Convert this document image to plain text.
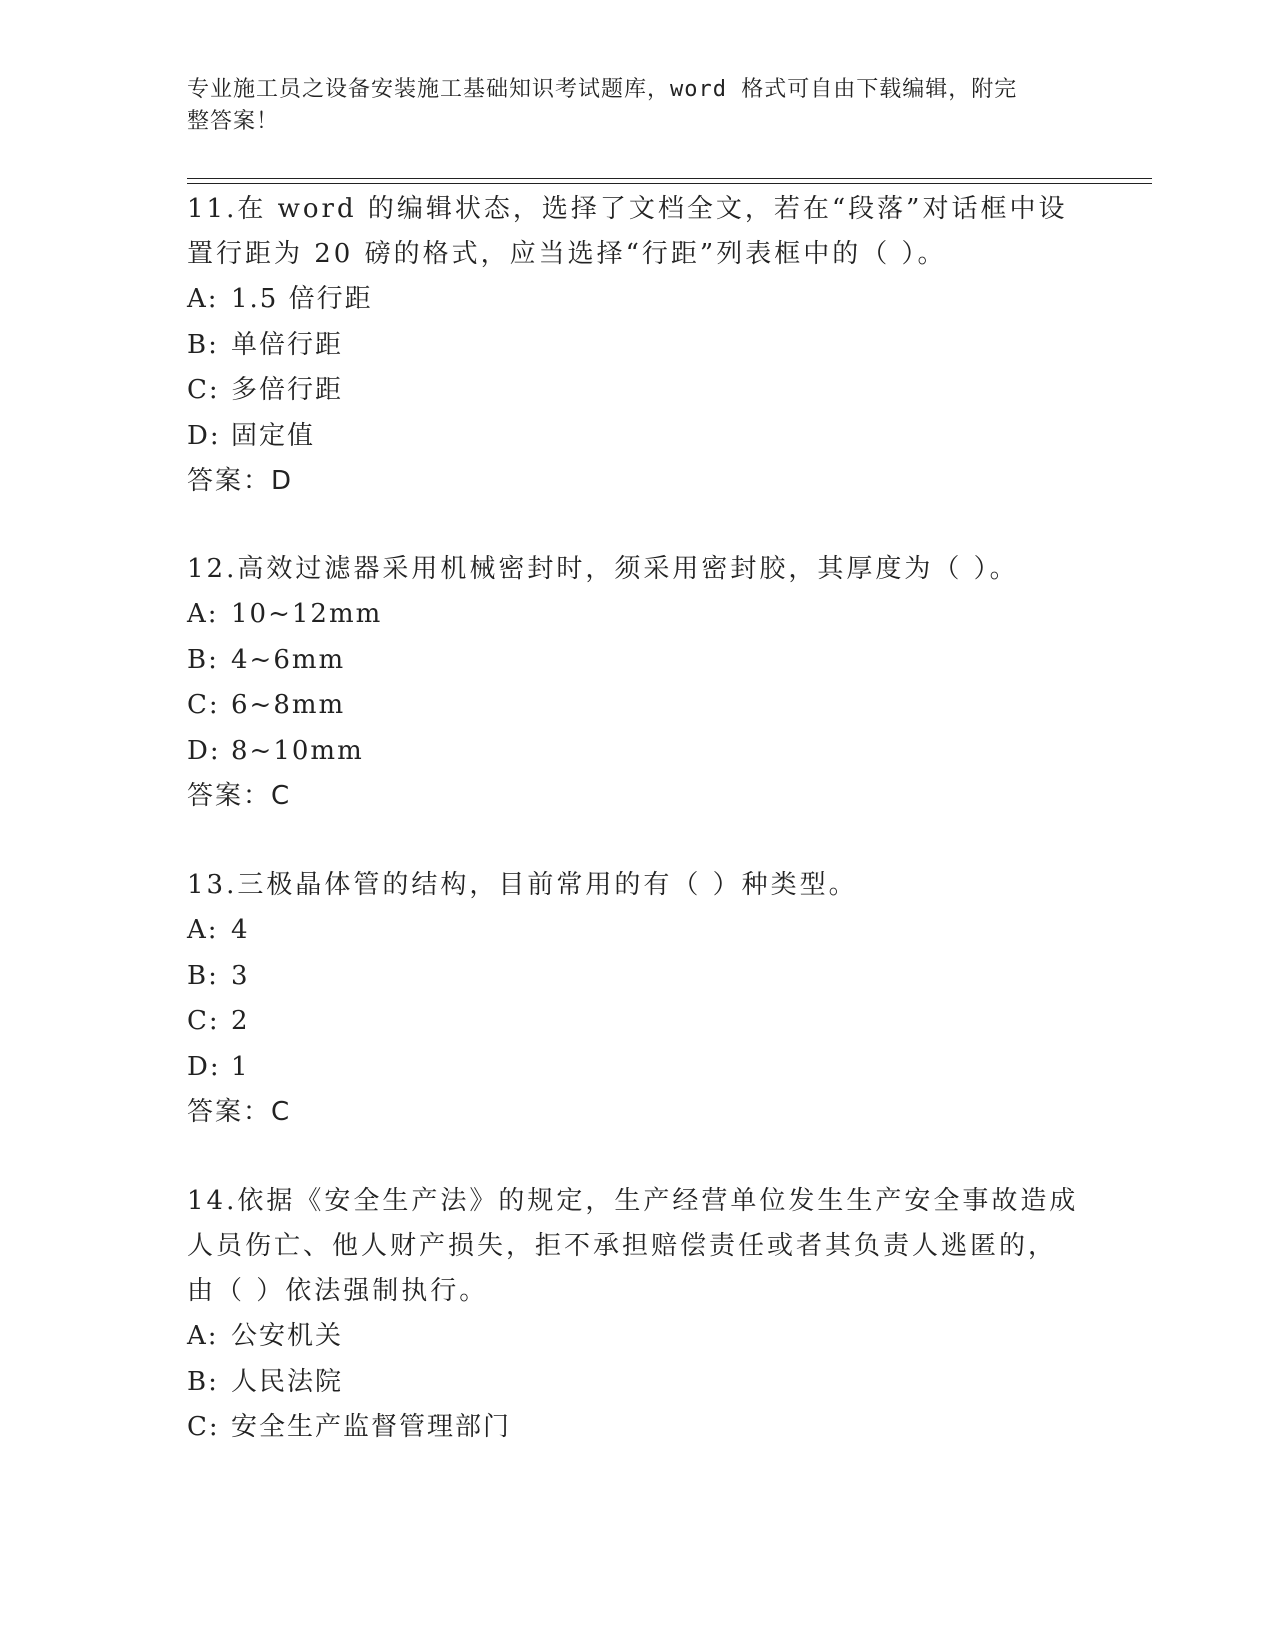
专业施工员之设备安装施工基础知识考试题库，word 格式可自由下载编辑，附完
整答案！

11.在 word 的编辑状态，选择了文档全文，若在“段落”对话框中设

置行距为 20 磅的格式，应当选择“行距”列表框中的（ ）。

A: 1.5 倍行距

B: 单倍行距

C: 多倍行距

D: 固定值

答案：D

12.高效过滤器采用机械密封时，须采用密封胶，其厚度为（ ）。

A: 10~12mm

B: 4~6mm

C: 6~8mm

D: 8~10mm

答案：C

13.三极晶体管的结构，目前常用的有（ ）种类型。

A: 4

B: 3

C: 2

D: 1

答案：C

14.依据《安全生产法》的规定，生产经营单位发生生产安全事故造成

人员伤亡、他人财产损失，拒不承担赔偿责任或者其负责人逃匿的，

由（ ）依法强制执行。

A: 公安机关

B: 人民法院

C: 安全生产监督管理部门
